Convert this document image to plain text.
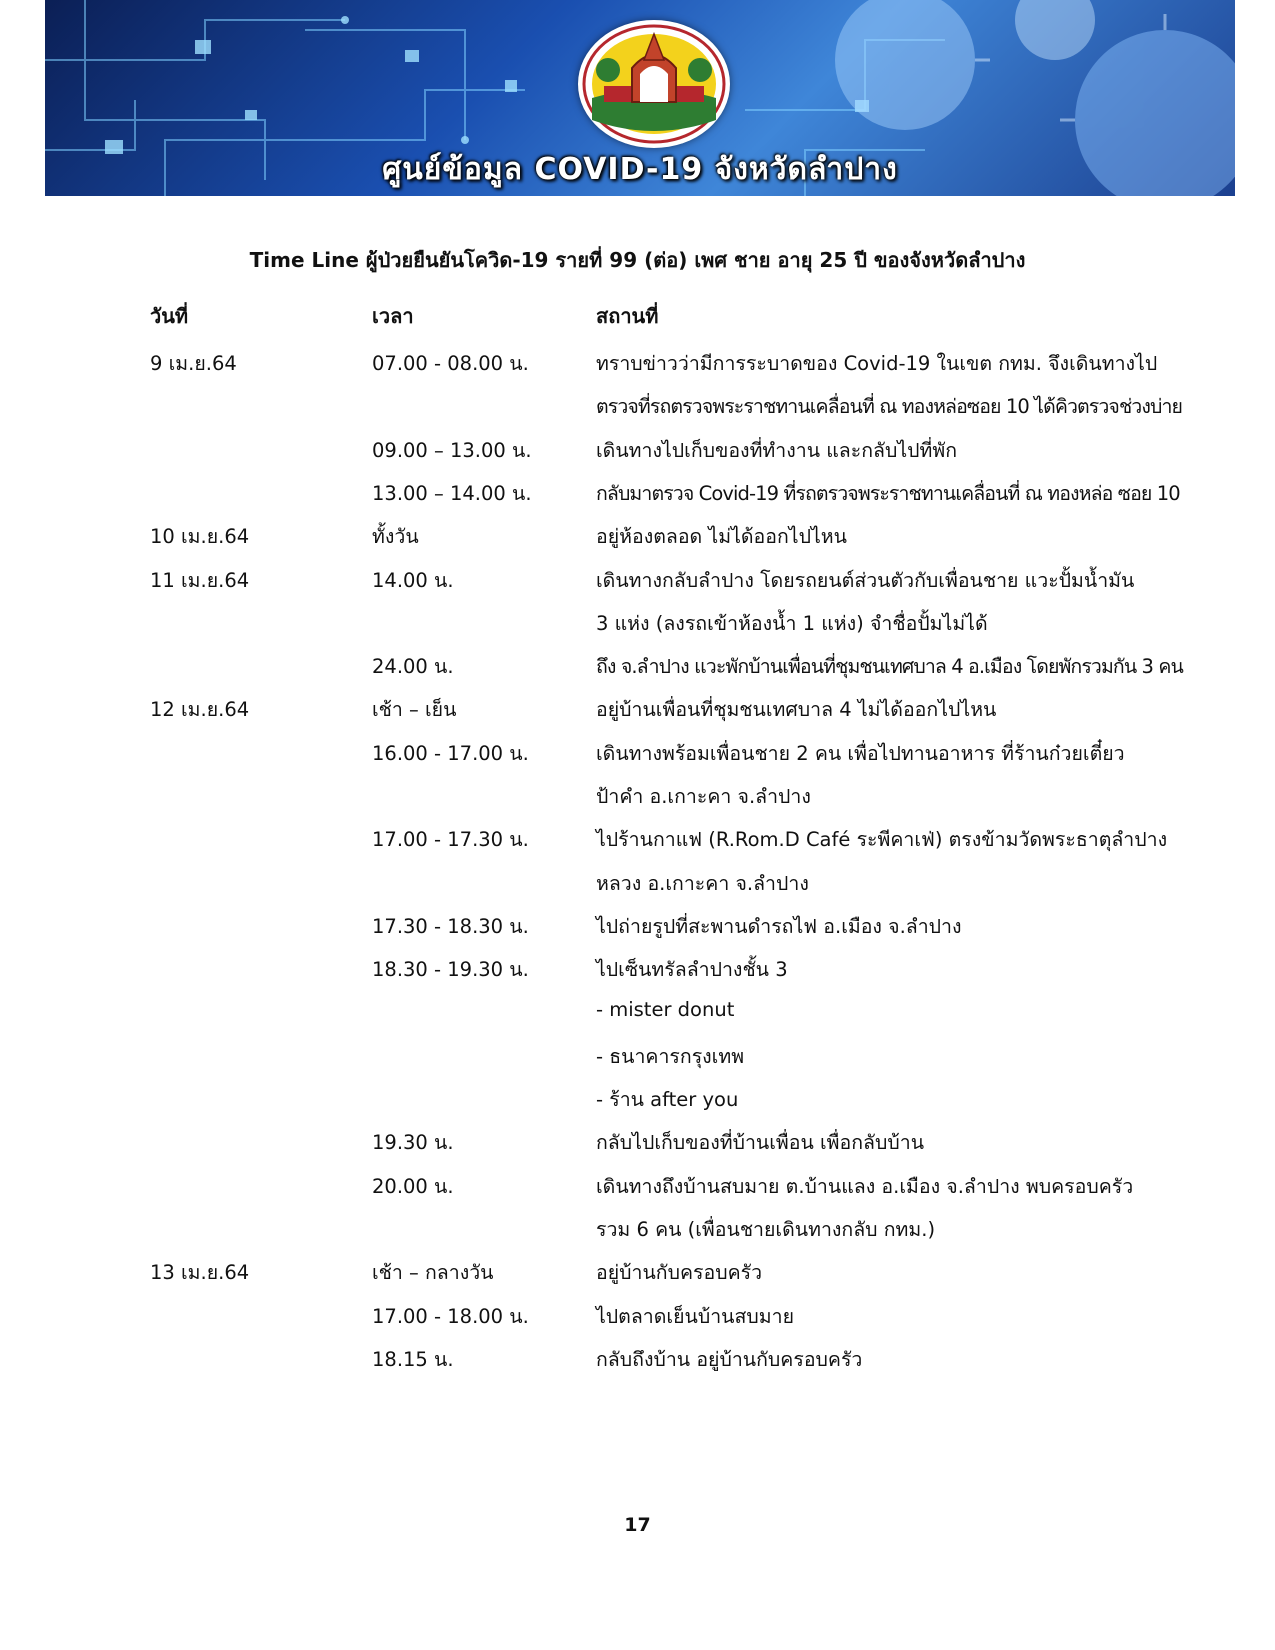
ศูนย์ข้อมูล COVID-19 จังหวัดลำปาง
Time Line ผู้ป่วยยืนยันโควิด-19 รายที่ 99 (ต่อ) เพศ ชาย อายุ 25 ปี ของจังหวัดลำปาง
วันที่	เวลา	สถานที่
9 เม.ย.64	07.00 - 08.00 น.	ทราบข่าวว่ามีการระบาดของ Covid-19 ในเขต กทม. จึงเดินทางไป
ตรวจที่รถตรวจพระราชทานเคลื่อนที่ ณ ทองหล่อซอย 10 ได้คิวตรวจช่วงบ่าย
09.00 – 13.00 น.	เดินทางไปเก็บของที่ทำงาน และกลับไปที่พัก
13.00 – 14.00 น.	กลับมาตรวจ Covid-19 ที่รถตรวจพระราชทานเคลื่อนที่ ณ ทองหล่อ ซอย 10
10 เม.ย.64	ทั้งวัน	อยู่ห้องตลอด ไม่ได้ออกไปไหน
11 เม.ย.64	14.00 น.	เดินทางกลับลำปาง โดยรถยนต์ส่วนตัวกับเพื่อนชาย แวะปั้มน้ำมัน
3 แห่ง (ลงรถเข้าห้องน้ำ 1 แห่ง) จำชื่อปั้มไม่ได้
24.00 น.	ถึง จ.ลำปาง แวะพักบ้านเพื่อนที่ชุมชนเทศบาล 4 อ.เมือง โดยพักรวมกัน 3 คน
12 เม.ย.64	เช้า – เย็น	อยู่บ้านเพื่อนที่ชุมชนเทศบาล 4 ไม่ได้ออกไปไหน
16.00 - 17.00 น.	เดินทางพร้อมเพื่อนชาย 2 คน เพื่อไปทานอาหาร ที่ร้านก๋วยเตี๋ยว
ป้าคำ อ.เกาะคา จ.ลำปาง
17.00 - 17.30 น.	ไปร้านกาแฟ (R.Rom.D Café ระพีคาเฟ่) ตรงข้ามวัดพระธาตุลำปาง
หลวง อ.เกาะคา จ.ลำปาง
17.30 - 18.30 น.	ไปถ่ายรูปที่สะพานดำรถไฟ อ.เมือง จ.ลำปาง
18.30 - 19.30 น.	ไปเซ็นทรัลลำปางชั้น 3
- mister donut
- ธนาคารกรุงเทพ
- ร้าน after you
19.30 น.	กลับไปเก็บของที่บ้านเพื่อน เพื่อกลับบ้าน
20.00 น.	เดินทางถึงบ้านสบมาย ต.บ้านแลง อ.เมือง จ.ลำปาง พบครอบครัว
รวม 6 คน (เพื่อนชายเดินทางกลับ กทม.)
13 เม.ย.64	เช้า – กลางวัน	อยู่บ้านกับครอบครัว
17.00 - 18.00 น.	ไปตลาดเย็นบ้านสบมาย
18.15 น.	กลับถึงบ้าน อยู่บ้านกับครอบครัว
17
